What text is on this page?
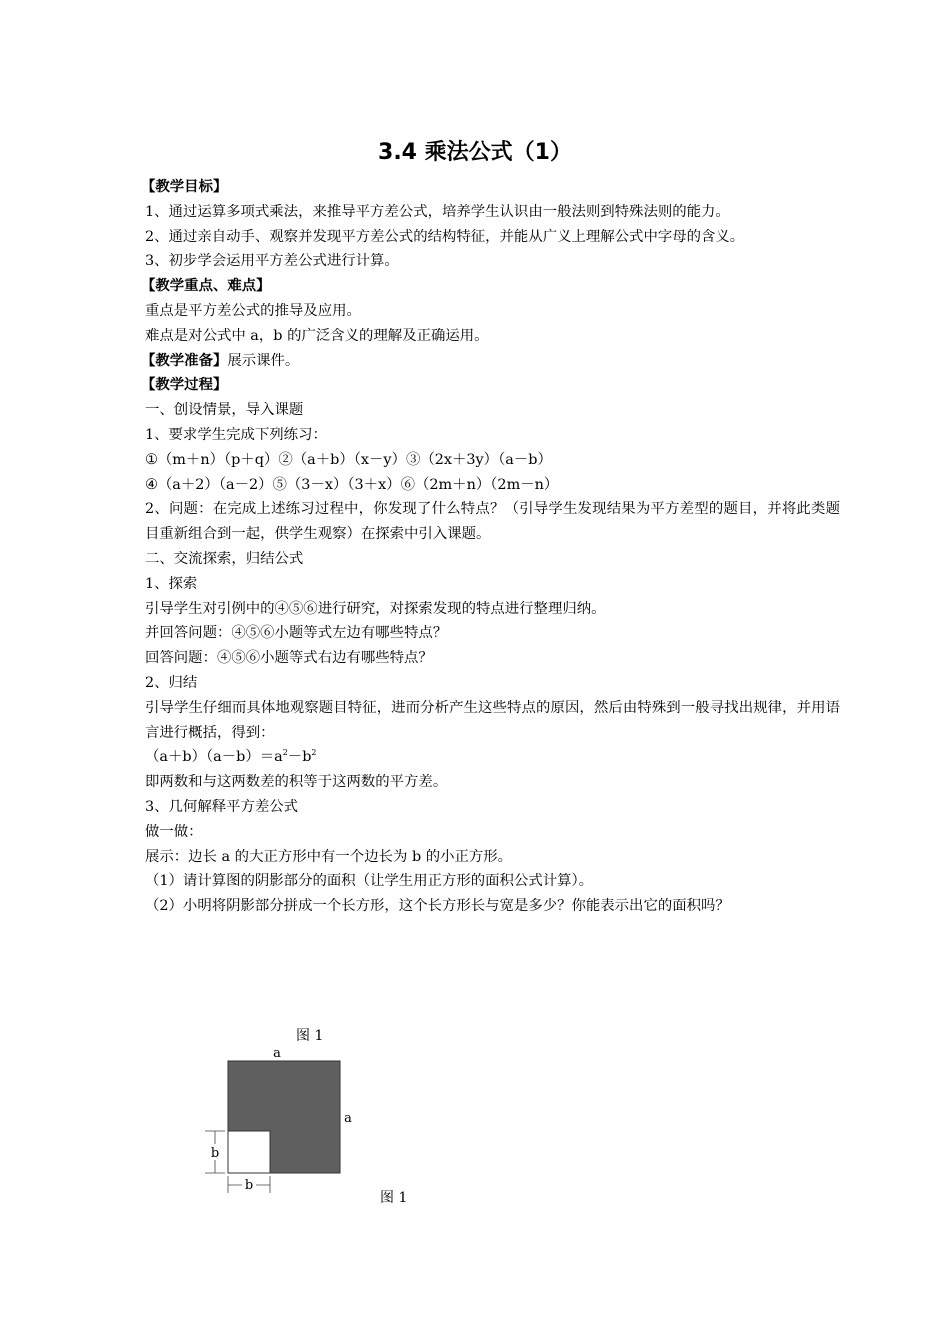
3.4 乘法公式（1）
【教学目标】
1、通过运算多项式乘法，来推导平方差公式，培养学生认识由一般法则到特殊法则的能力。
2、通过亲自动手、观察并发现平方差公式的结构特征，并能从广义上理解公式中字母的含义。
3、初步学会运用平方差公式进行计算。
【教学重点、难点】
重点是平方差公式的推导及应用。
难点是对公式中 a，b 的广泛含义的理解及正确运用。
【教学准备】展示课件。
【教学过程】
一、创设情景，导入课题
1、要求学生完成下列练习：
①（m＋n）（p＋q）②（a＋b）（x－y）③（2x＋3y）（a－b）
④（a＋2）（a－2）⑤（3－x）（3＋x）⑥（2m＋n）（2m－n）
2、问题：在完成上述练习过程中，你发现了什么特点？（引导学生发现结果为平方差型的题目，并将此类题目重新组合到一起，供学生观察）在探索中引入课题。
二、交流探索，归结公式
1、探索
引导学生对引例中的④⑤⑥进行研究，对探索发现的特点进行整理归纳。
并回答问题：④⑤⑥小题等式左边有哪些特点？
回答问题：④⑤⑥小题等式右边有哪些特点？
2、归结
引导学生仔细而具体地观察题目特征，进而分析产生这些特点的原因，然后由特殊到一般寻找出规律，并用语言进行概括，得到：
$(a+b)(a-b)=a^2-b^2$
即两数和与这两数差的积等于这两数的平方差。
3、几何解释平方差公式
做一做：
展示：边长 a 的大正方形中有一个边长为 b 的小正方形。
（1）请计算图的阴影部分的面积（让学生用正方形的面积公式计算）。
（2）小明将阴影部分拼成一个长方形，这个长方形长与宽是多少？你能表示出它的面积吗？
图 1
图 1
a
a
b
b
